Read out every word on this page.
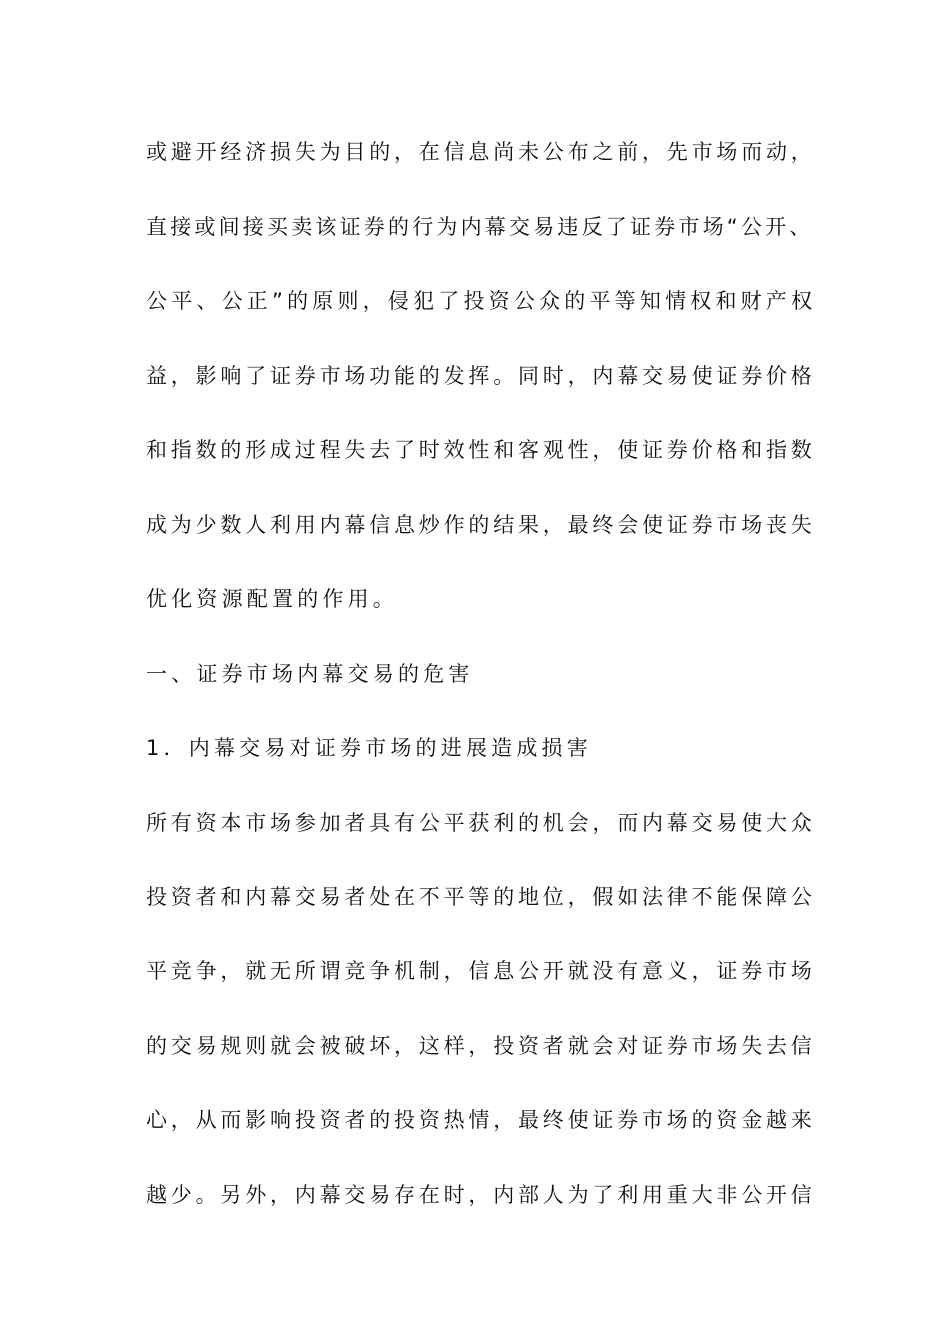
或避开经济损失为目的，在信息尚未公布之前，先市场而动，
直接或间接买卖该证券的行为内幕交易违反了证券市场“公开、
公平、公正”的原则，侵犯了投资公众的平等知情权和财产权
益，影响了证券市场功能的发挥。同时，内幕交易使证券价格
和指数的形成过程失去了时效性和客观性，使证券价格和指数
成为少数人利用内幕信息炒作的结果，最终会使证券市场丧失
优化资源配置的作用。
一、证券市场内幕交易的危害
1．内幕交易对证券市场的进展造成损害
所有资本市场参加者具有公平获利的机会，而内幕交易使大众
投资者和内幕交易者处在不平等的地位，假如法律不能保障公
平竞争，就无所谓竞争机制，信息公开就没有意义，证券市场
的交易规则就会被破坏，这样，投资者就会对证券市场失去信
心，从而影响投资者的投资热情，最终使证券市场的资金越来
越少。另外，内幕交易存在时，内部人为了利用重大非公开信
